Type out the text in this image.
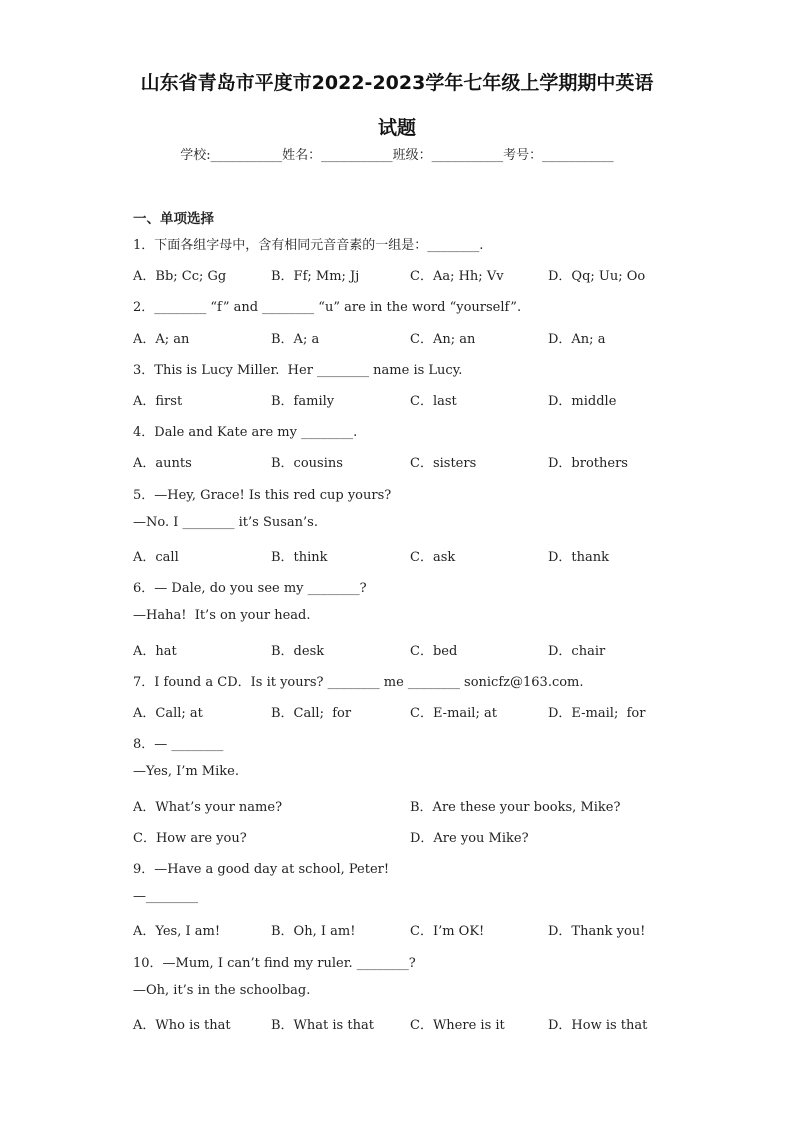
山东省青岛市平度市2022-2023学年七年级上学期期中英语
试题
学校:___________姓名：___________班级：___________考号：___________
一、单项选择
1．下面各组字母中，含有相同元音音素的一组是：________.
A．Bb; Cc; Gg	B．Ff; Mm; Jj	C．Aa; Hh; Vv	D．Qq; Uu; Oo
2．________ “f” and ________ “u” are in the word “yourself”.
A．A; an	B．A; a	C．An; an	D．An; a
3．This is Lucy Miller.  Her ________ name is Lucy.
A．first	B．family	C．last	D．middle
4．Dale and Kate are my ________.
A．aunts	B．cousins	C．sisters	D．brothers
5．—Hey, Grace! Is this red cup yours?
—No. I ________ it’s Susan’s.
A．call	B．think	C．ask	D．thank
6．— Dale, do you see my ________?
—Haha!  It’s on your head.
A．hat	B．desk	C．bed	D．chair
7．I found a CD．Is it yours? ________ me ________ sonicfz@163.com.
A．Call; at	B．Call;  for	C．E-mail; at	D．E-mail;  for
8．— ________
—Yes, I’m Mike.
A．What’s your name?	B．Are these your books, Mike?
C．How are you?	D．Are you Mike?
9．—Have a good day at school, Peter!
—________
A．Yes, I am!	B．Oh, I am!	C．I’m OK!	D．Thank you!
10．—Mum, I can’t find my ruler. ________?
—Oh, it’s in the schoolbag.
A．Who is that	B．What is that	C．Where is it	D．How is that
